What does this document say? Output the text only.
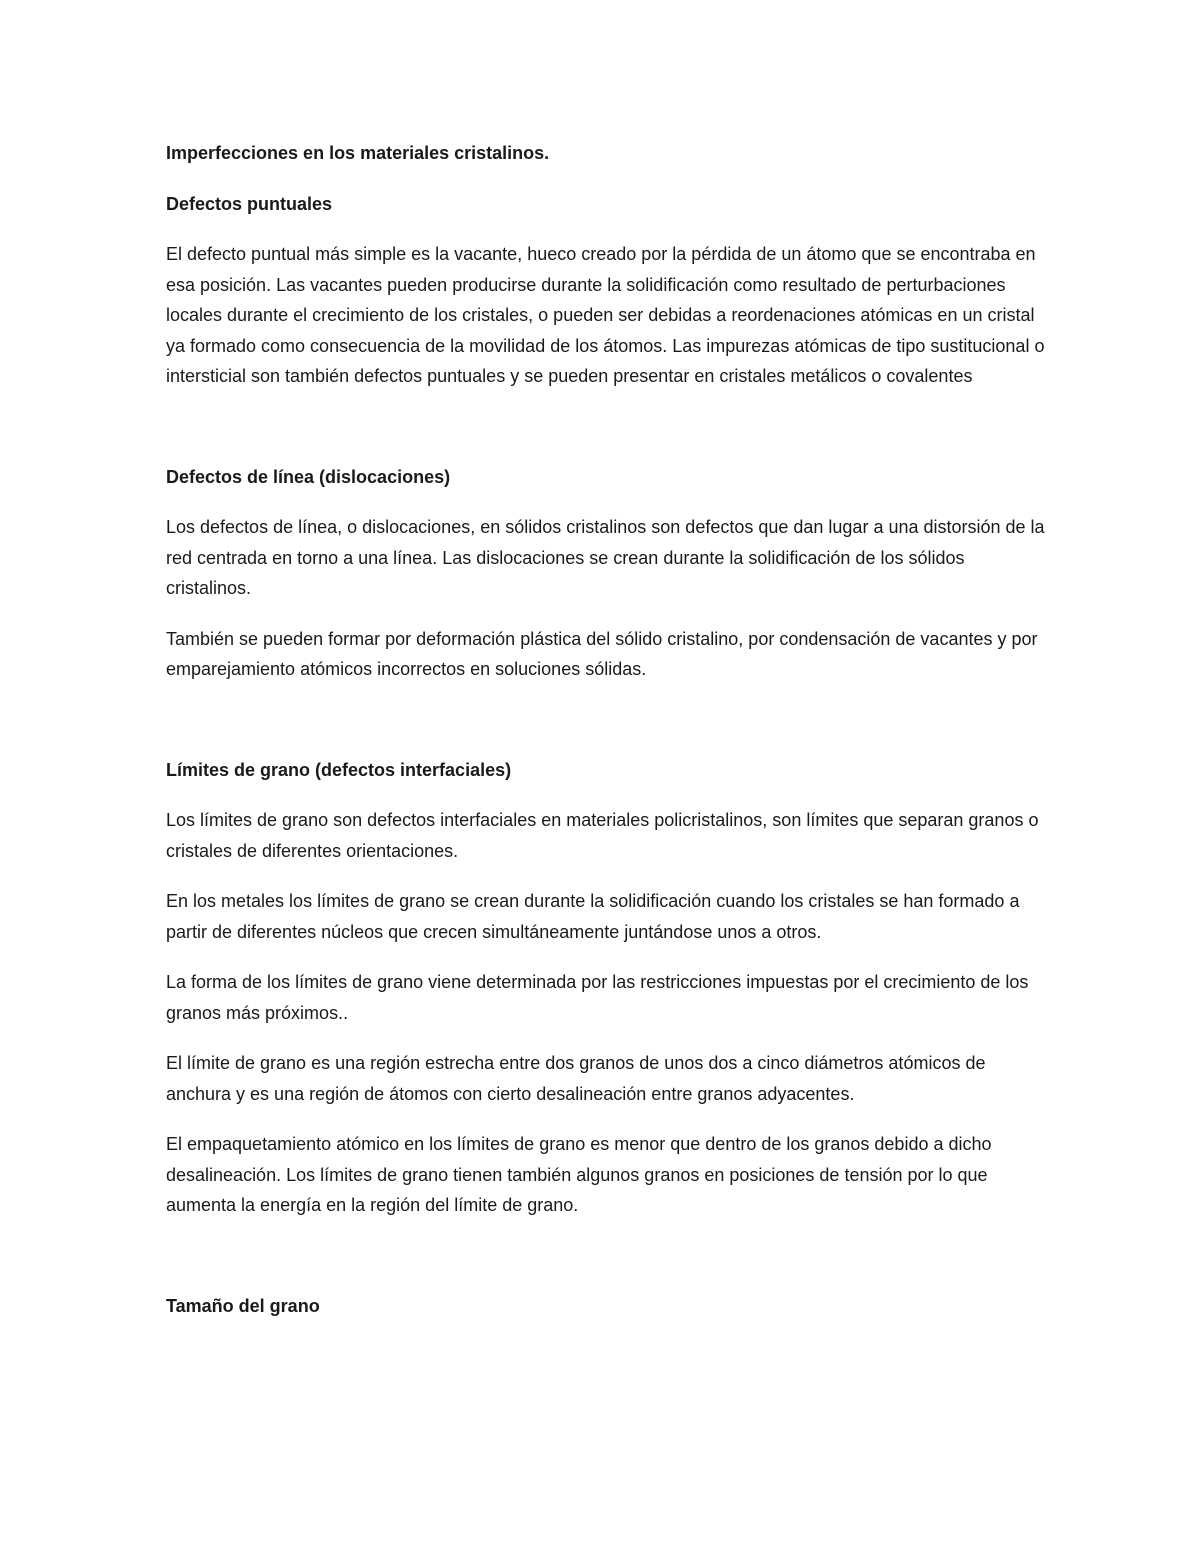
Imperfecciones en los materiales cristalinos.
Defectos puntuales

El defecto puntual más simple es la vacante, hueco creado por la pérdida de un átomo que se encontraba en esa posición. Las vacantes pueden producirse durante la solidificación como resultado de perturbaciones locales durante el crecimiento de los cristales, o pueden ser debidas a reordenaciones atómicas en un cristal ya formado como consecuencia de la movilidad de los átomos. Las impurezas atómicas de tipo sustitucional o intersticial son también defectos puntuales y se pueden presentar en cristales metálicos o covalentes

Defectos de línea (dislocaciones)

Los defectos de línea, o dislocaciones, en sólidos cristalinos son defectos que dan lugar a una distorsión de la red centrada en torno a una línea. Las dislocaciones se crean durante la solidificación de los sólidos cristalinos.

También se pueden formar por deformación plástica del sólido cristalino, por condensación de vacantes y por emparejamiento atómicos incorrectos en soluciones sólidas.

Límites de grano (defectos interfaciales)

Los límites de grano son defectos interfaciales en materiales policristalinos, son límites que separan granos o cristales de diferentes orientaciones.

En los metales los límites de grano se crean durante la solidificación cuando los cristales se han formado a partir de diferentes núcleos que crecen simultáneamente juntándose unos a otros.

La forma de los límites de grano viene determinada por las restricciones impuestas por el crecimiento de los granos más próximos..

El límite de grano es una región estrecha entre dos granos de unos dos a cinco diámetros atómicos de anchura y es una región de átomos con cierto desalineación entre granos adyacentes.

El empaquetamiento atómico en los límites de grano es menor que dentro de los granos debido a dicho desalineación. Los límites de grano tienen también algunos granos en posiciones de tensión por lo que aumenta la energía en la región del límite de grano.

Tamaño del grano
